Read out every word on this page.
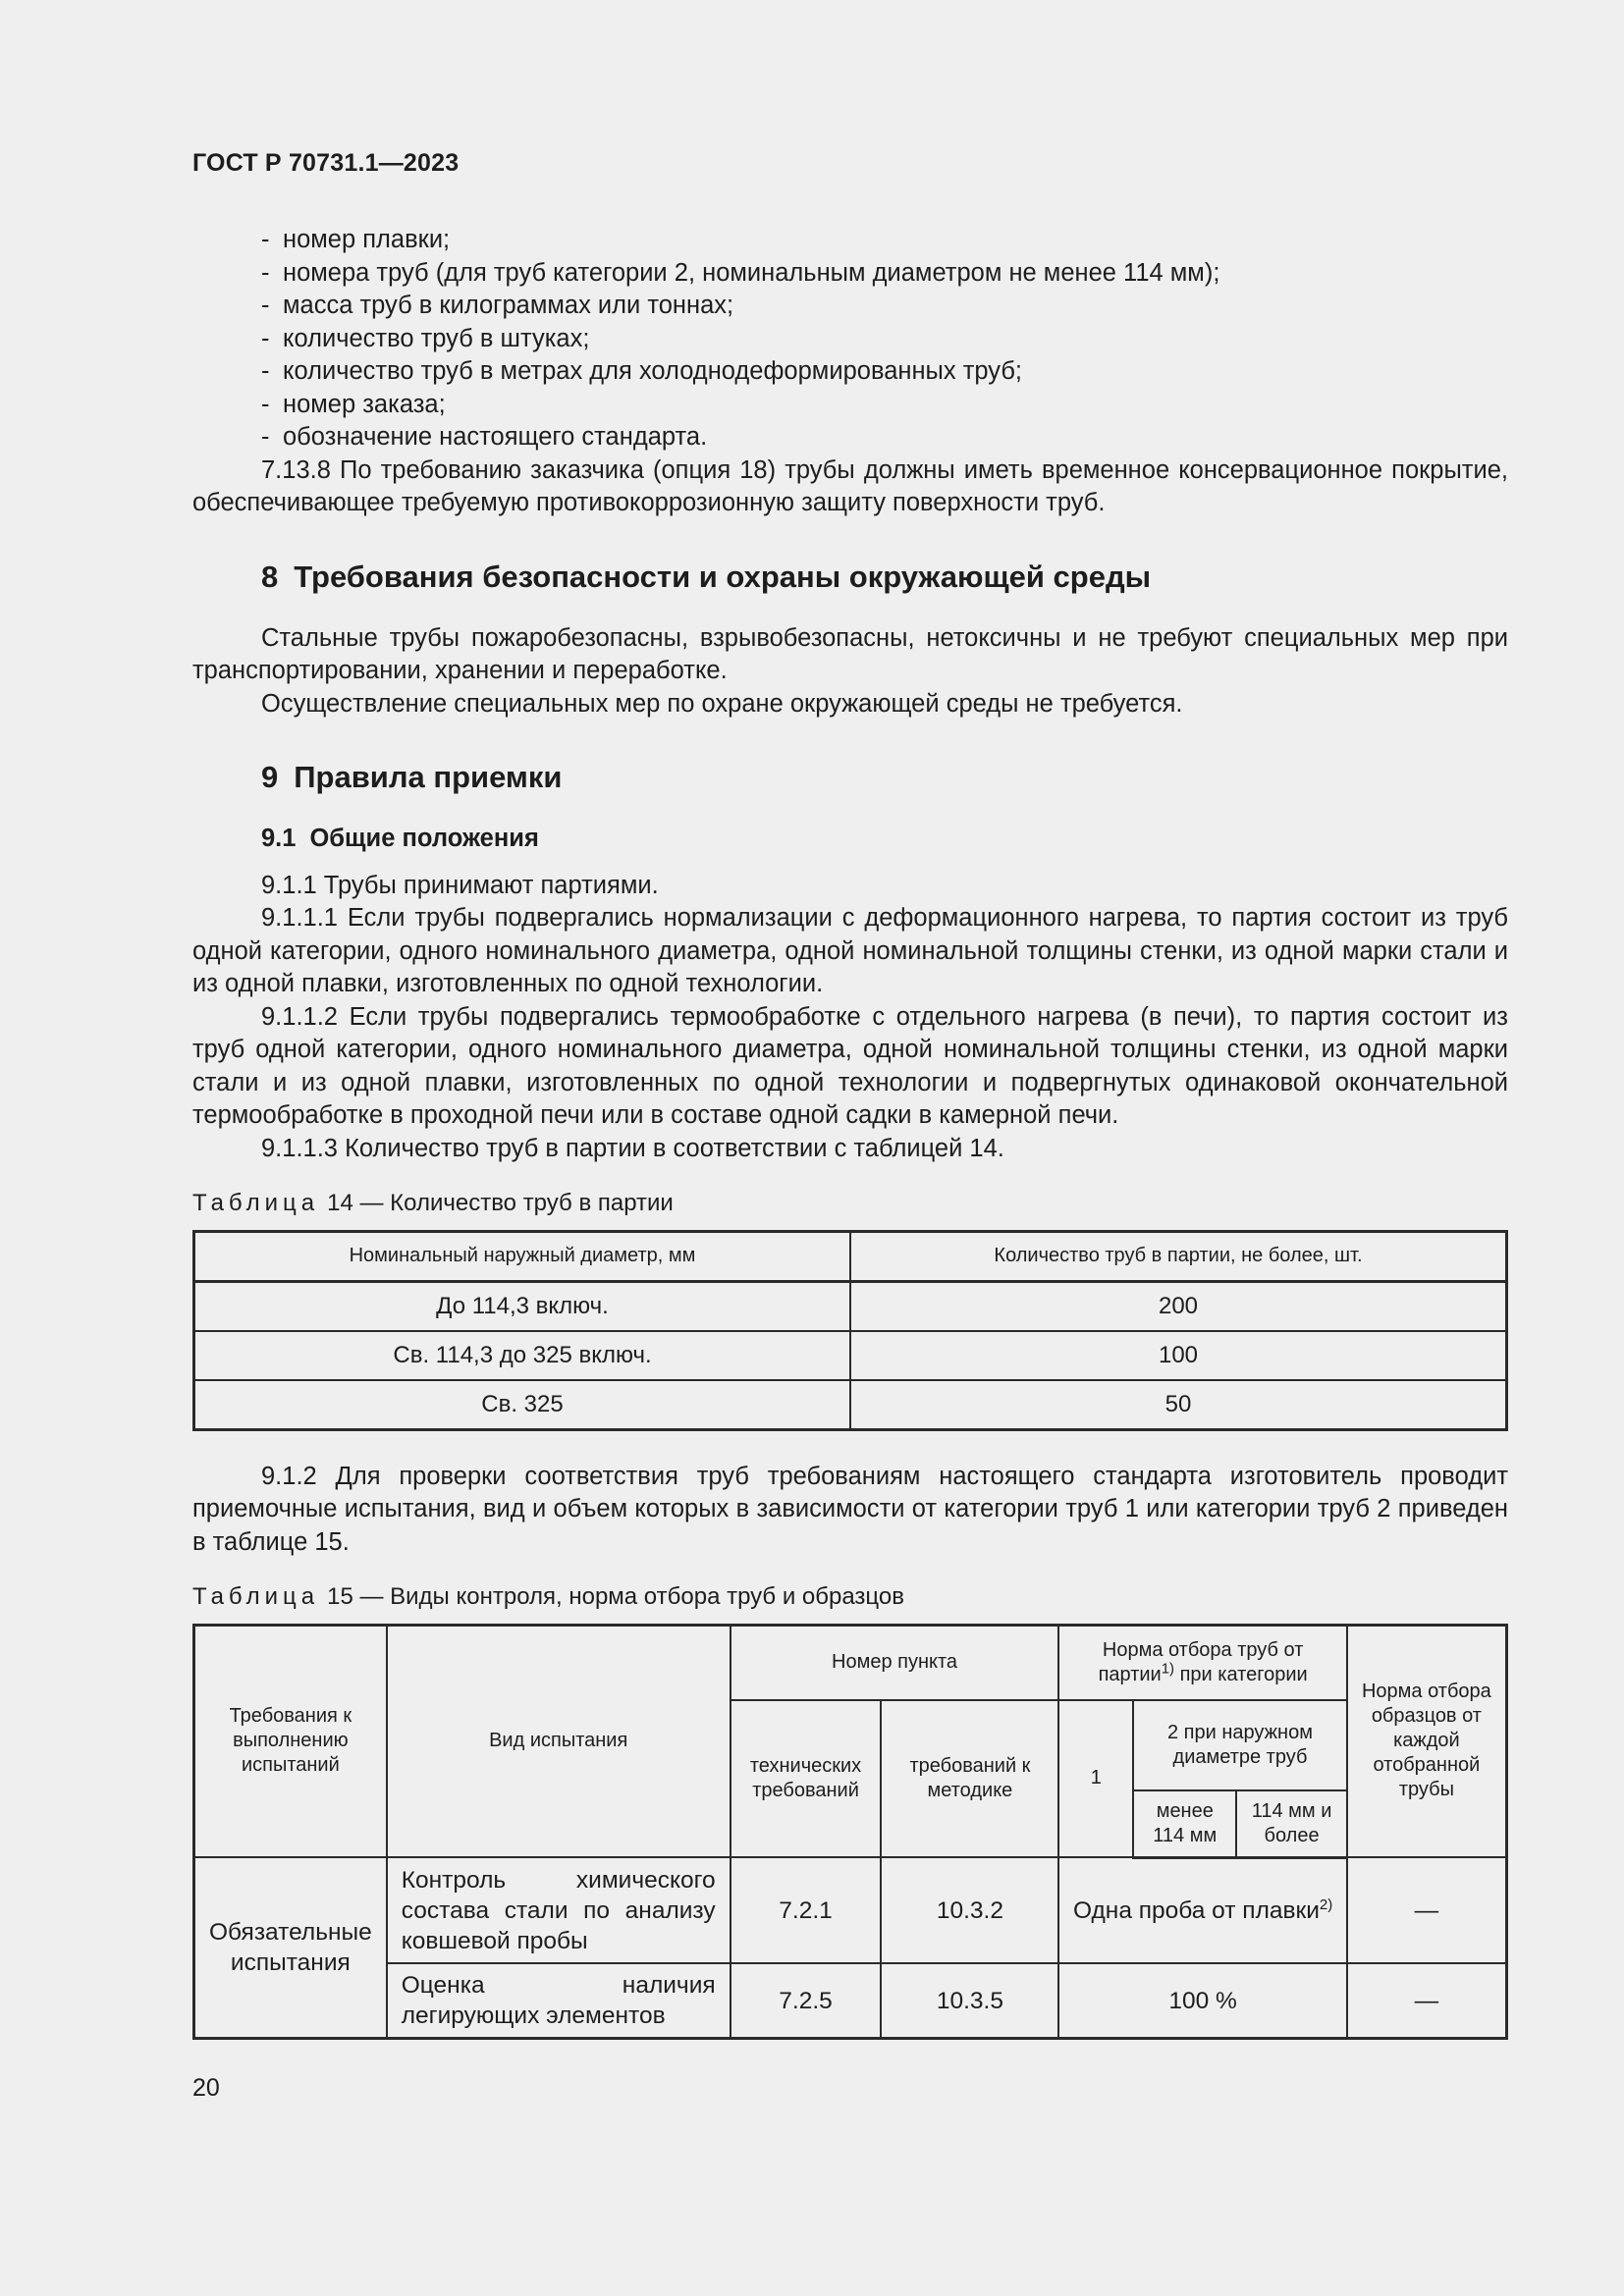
ГОСТ Р 70731.1—2023
- номер плавки;
- номера труб (для труб категории 2, номинальным диаметром не менее 114 мм);
- масса труб в килограммах или тоннах;
- количество труб в штуках;
- количество труб в метрах для холоднодеформированных труб;
- номер заказа;
- обозначение настоящего стандарта.

7.13.8 По требованию заказчика (опция 18) трубы должны иметь временное консервационное покрытие, обеспечивающее требуемую противокоррозионную защиту поверхности труб.

8 Требования безопасности и охраны окружающей среды

Стальные трубы пожаробезопасны, взрывобезопасны, нетоксичны и не требуют специальных мер при транспортировании, хранении и переработке.

Осуществление специальных мер по охране окружающей среды не требуется.

9 Правила приемки
9.1 Общие положения

9.1.1 Трубы принимают партиями.

9.1.1.1 Если трубы подвергались нормализации с деформационного нагрева, то партия состоит из труб одной категории, одного номинального диаметра, одной номинальной толщины стенки, из одной марки стали и из одной плавки, изготовленных по одной технологии.

9.1.1.2 Если трубы подвергались термообработке с отдельного нагрева (в печи), то партия состоит из труб одной категории, одного номинального диаметра, одной номинальной толщины стенки, из одной марки стали и из одной плавки, изготовленных по одной технологии и подвергнутых одинаковой окончательной термообработке в проходной печи или в составе одной садки в камерной печи.

9.1.1.3 Количество труб в партии в соответствии с таблицей 14.

Таблица 14 — Количество труб в партии
Номинальный наружный диаметр, мм	Количество труб в партии, не более, шт.
До 114,3 включ.	200
Св. 114,3 до 325 включ.	100
Св. 325	50

9.1.2 Для проверки соответствия труб требованиям настоящего стандарта изготовитель проводит приемочные испытания, вид и объем которых в зависимости от категории труб 1 или категории труб 2 приведен в таблице 15.

Таблица 15 — Виды контроля, норма отбора труб и образцов
Требования к выполнению испытаний	Вид испытания	Номер пункта		Норма отбора труб от партии$^{1)}$ при категории			Норма отбора образцов от каждой отобранной трубы
		технических требований	требований к методике	1	2 при наружном диаметре труб		
					менее 114 мм	114 мм и более	
Обязательные испытания	Контроль химического состава стали по анализу ковшевой пробы	7.2.1	10.3.2	Одна проба от плавки$^{2)}$			—
	Оценка наличия легирующих элементов	7.2.5	10.3.5	100 %			—
20
